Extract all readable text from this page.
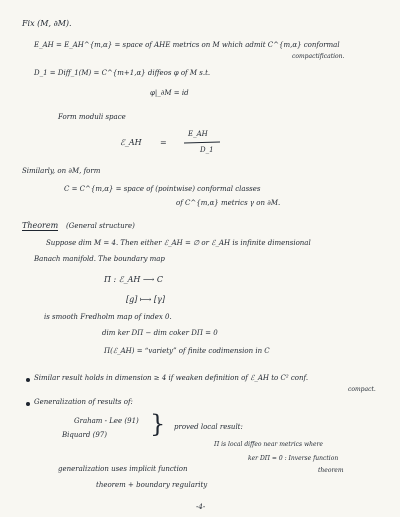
Fix (M, ∂M).
E_AH = E_AH^{m,α} = space of AHE metrics on M which admit C^{m,α} conformal
compactification.
D_1 = Diff_1(M) = C^{m+1,α} diffeos φ of M s.t.
φ|_∂M = id
Form moduli space
ℰ_AH =
E_AH
D_1
Similarly, on ∂M, form
C = C^{m,α} = space of (pointwise) conformal classes
of C^{m,α} metrics γ on ∂M.
Theorem (General structure)
Suppose dim M = 4. Then either ℰ_AH = ∅ or ℰ_AH is infinite dimensional
Banach manifold. The boundary map
Π : ℰ_AH ⟶ C
[g] ⟼ [γ]
is smooth Fredholm map of index 0.
dim ker DΠ − dim coker DΠ = 0
Π(ℰ_AH) = “variety” of finite codimension in C
Similar result holds in dimension ≥ 4 if weaken definition of ℰ_AH to C² conf.
compact.
Generalization of results of:
Graham - Lee (91)
Biquard (97) } proved local result:
Π is local diffeo near metrics where
ker DΠ = 0 : Inverse function
theorem
generalization uses implicit function
theorem + boundary regularity
-4-
